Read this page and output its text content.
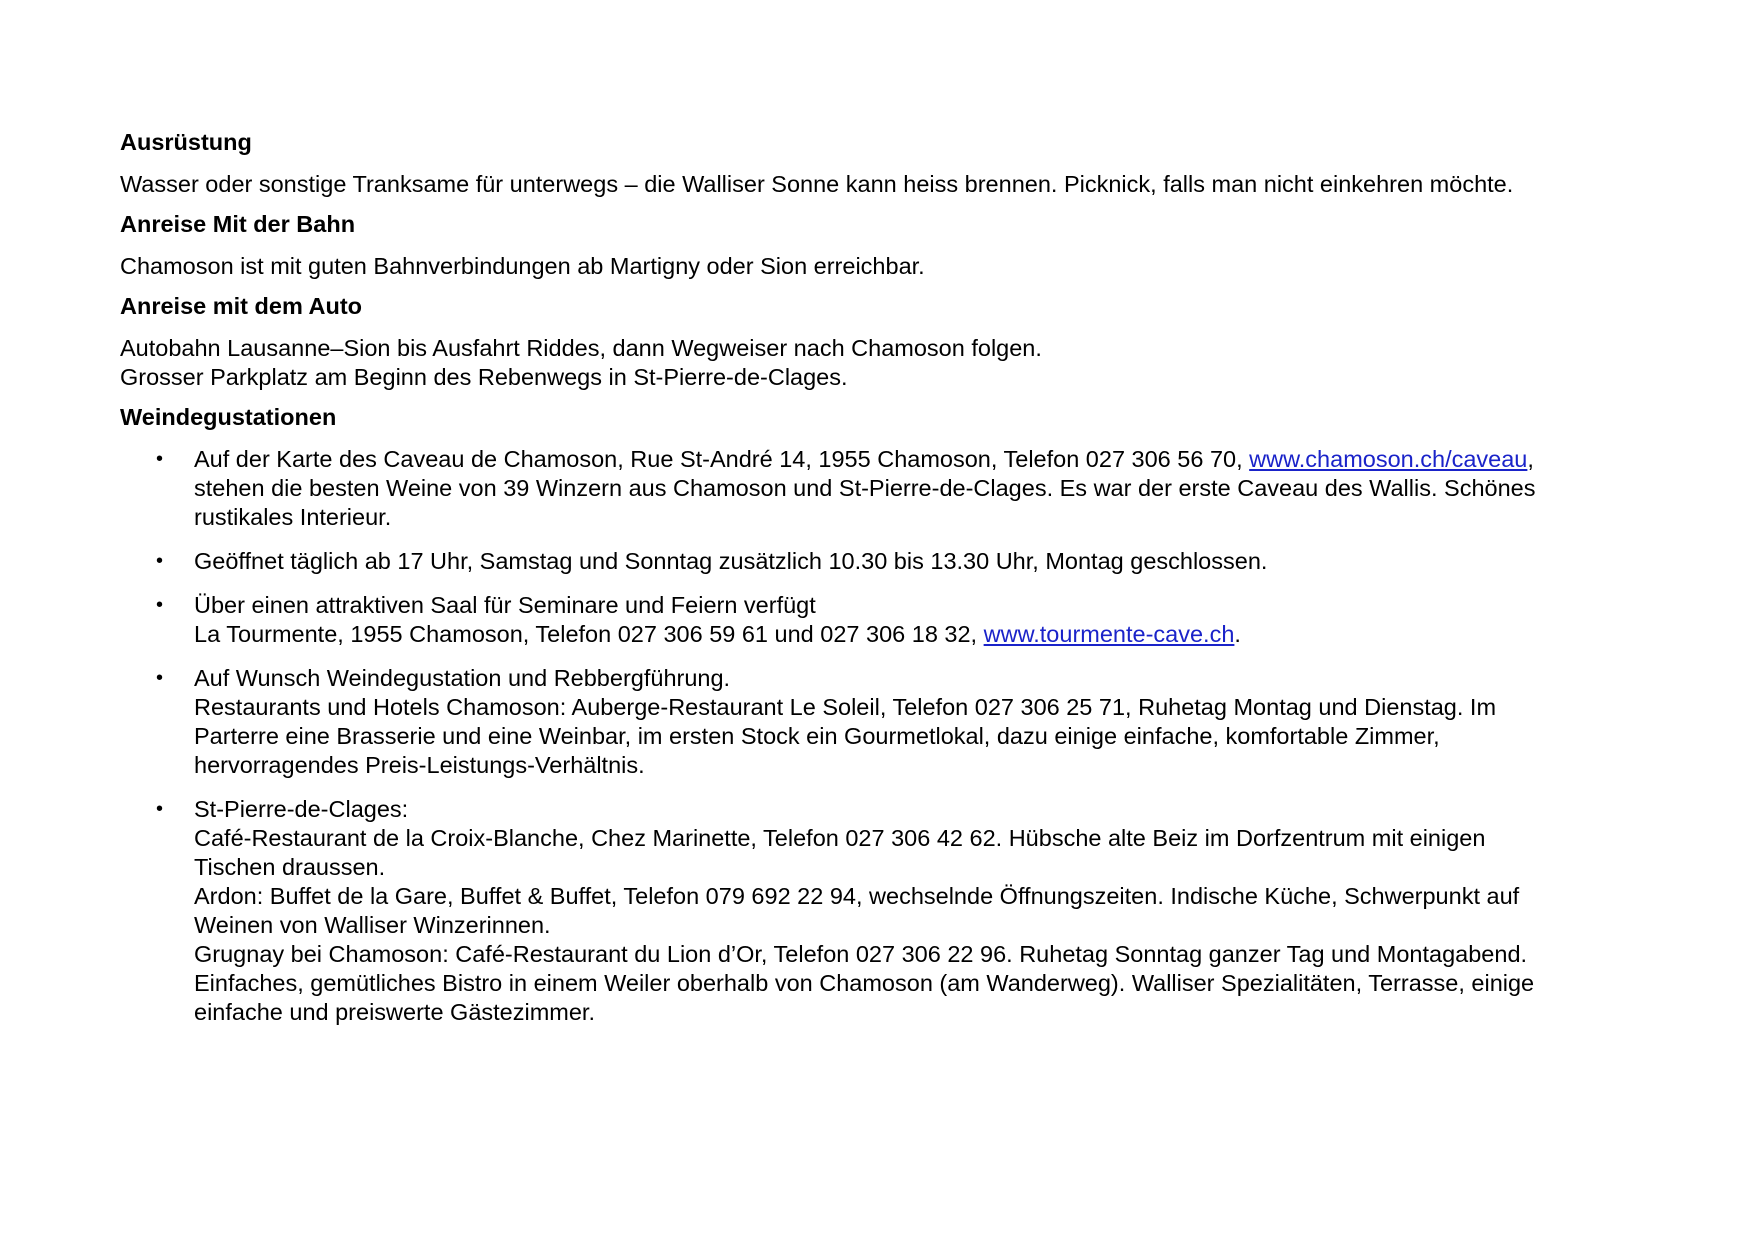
Ausrüstung

Wasser oder sonstige Tranksame für unterwegs – die Walliser Sonne kann heiss brennen. Picknick, falls man nicht einkehren möchte.

Anreise Mit der Bahn

Chamoson ist mit guten Bahnverbindungen ab Martigny oder Sion erreichbar.

Anreise mit dem Auto

Autobahn Lausanne–Sion bis Ausfahrt Riddes, dann Wegweiser nach Chamoson folgen.
Grosser Parkplatz am Beginn des Rebenwegs in St-Pierre-de-Clages.

Weindegustationen

• Auf der Karte des Caveau de Chamoson, Rue St-André 14, 1955 Chamoson, Telefon 027 306 56 70, www.chamoson.ch/caveau,
stehen die besten Weine von 39 Winzern aus Chamoson und St-Pierre-de-Clages. Es war der erste Caveau des Wallis. Schönes
rustikales Interieur.
• Geöffnet täglich ab 17 Uhr, Samstag und Sonntag zusätzlich 10.30 bis 13.30 Uhr, Montag geschlossen.
• Über einen attraktiven Saal für Seminare und Feiern verfügt
La Tourmente, 1955 Chamoson, Telefon 027 306 59 61 und 027 306 18 32, www.tourmente-cave.ch.
• Auf Wunsch Weindegustation und Rebbergführung.
Restaurants und Hotels Chamoson: Auberge-Restaurant Le Soleil, Telefon 027 306 25 71, Ruhetag Montag und Dienstag. Im
Parterre eine Brasserie und eine Weinbar, im ersten Stock ein Gourmetlokal, dazu einige einfache, komfortable Zimmer,
hervorragendes Preis-Leistungs-Verhältnis.
• St-Pierre-de-Clages:
Café-Restaurant de la Croix-Blanche, Chez Marinette, Telefon 027 306 42 62. Hübsche alte Beiz im Dorfzentrum mit einigen
Tischen draussen.
Ardon: Buffet de la Gare, Buffet & Buffet, Telefon 079 692 22 94, wechselnde Öffnungszeiten. Indische Küche, Schwerpunkt auf
Weinen von Walliser Winzerinnen.
Grugnay bei Chamoson: Café-Restaurant du Lion d’Or, Telefon 027 306 22 96. Ruhetag Sonntag ganzer Tag und Montagabend.
Einfaches, gemütliches Bistro in einem Weiler oberhalb von Chamoson (am Wanderweg). Walliser Spezialitäten, Terrasse, einige
einfache und preiswerte Gästezimmer.
